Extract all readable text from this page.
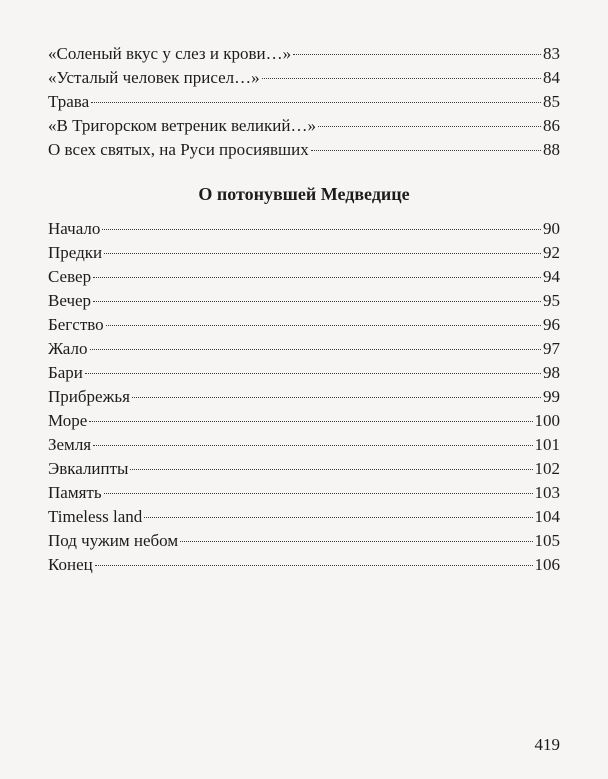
«Соленый вкус у слез и крови…»	83
«Усталый человек присел…»	84
Трава	85
«В Тригорском ветреник великий…»	86
О всех святых, на Руси просиявших	88
О потонувшей Медведице
Начало	90
Предки	92
Север	94
Вечер	95
Бегство	96
Жало	97
Бари	98
Прибрежья	99
Море	100
Земля	101
Эвкалипты	102
Память	103
Timeless land	104
Под чужим небом	105
Конец	106
419
